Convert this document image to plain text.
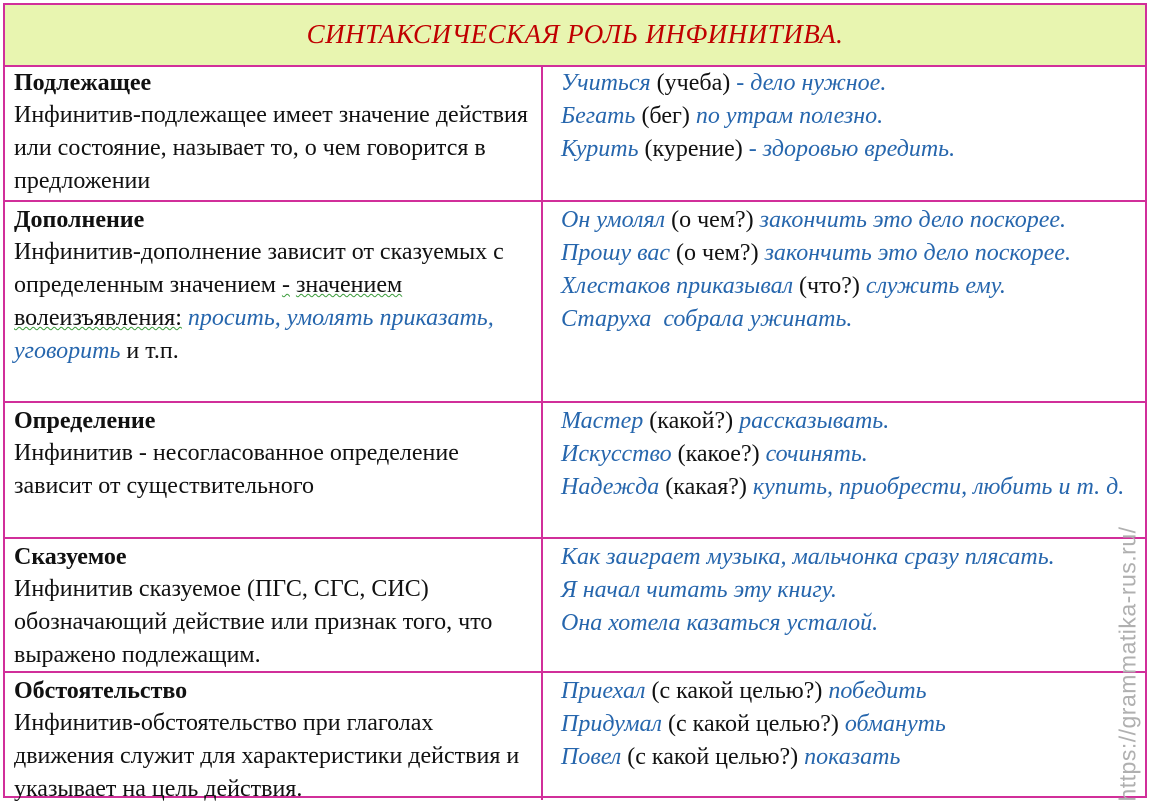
СИНТАКСИЧЕСКАЯ РОЛЬ ИНФИНИТИВА.
Подлежащее
Инфинитив-подлежащее имеет значение действия или состояние, называет то, о чем говорится в предложении
Учиться (учеба) - дело нужное.
Бегать (бег) по утрам полезно.
Курить (курение) - здоровью вредить.
Дополнение
Инфинитив-дополнение зависит от сказуемых с определенным значением - значением волеизъявления: просить, умолять приказать, уговорить и т.п.
Он умолял (о чем?) закончить это дело поскорее.
Прошу вас (о чем?) закончить это дело поскорее.
Хлестаков приказывал (что?) служить ему.
Старуха  собрала ужинать.
Определение
Инфинитив - несогласованное определение зависит от существительного
Мастер (какой?) рассказывать.
Искусство (какое?) сочинять.
Надежда (какая?) купить, приобрести, любить и т. д.
Сказуемое
Инфинитив сказуемое (ПГС, СГС, СИС) обозначающий действие или признак того, что выражено подлежащим.
Как заиграет музыка, мальчонка сразу плясать.
Я начал читать эту книгу.
Она хотела казаться усталой.
Обстоятельство
Инфинитив-обстоятельство при глаголах движения служит для характеристики действия и указывает на цель действия.
Приехал (с какой целью?) победить
Придумал (с какой целью?) обмануть
Повел (с какой целью?) показать	https://grammatika-rus.ru/
